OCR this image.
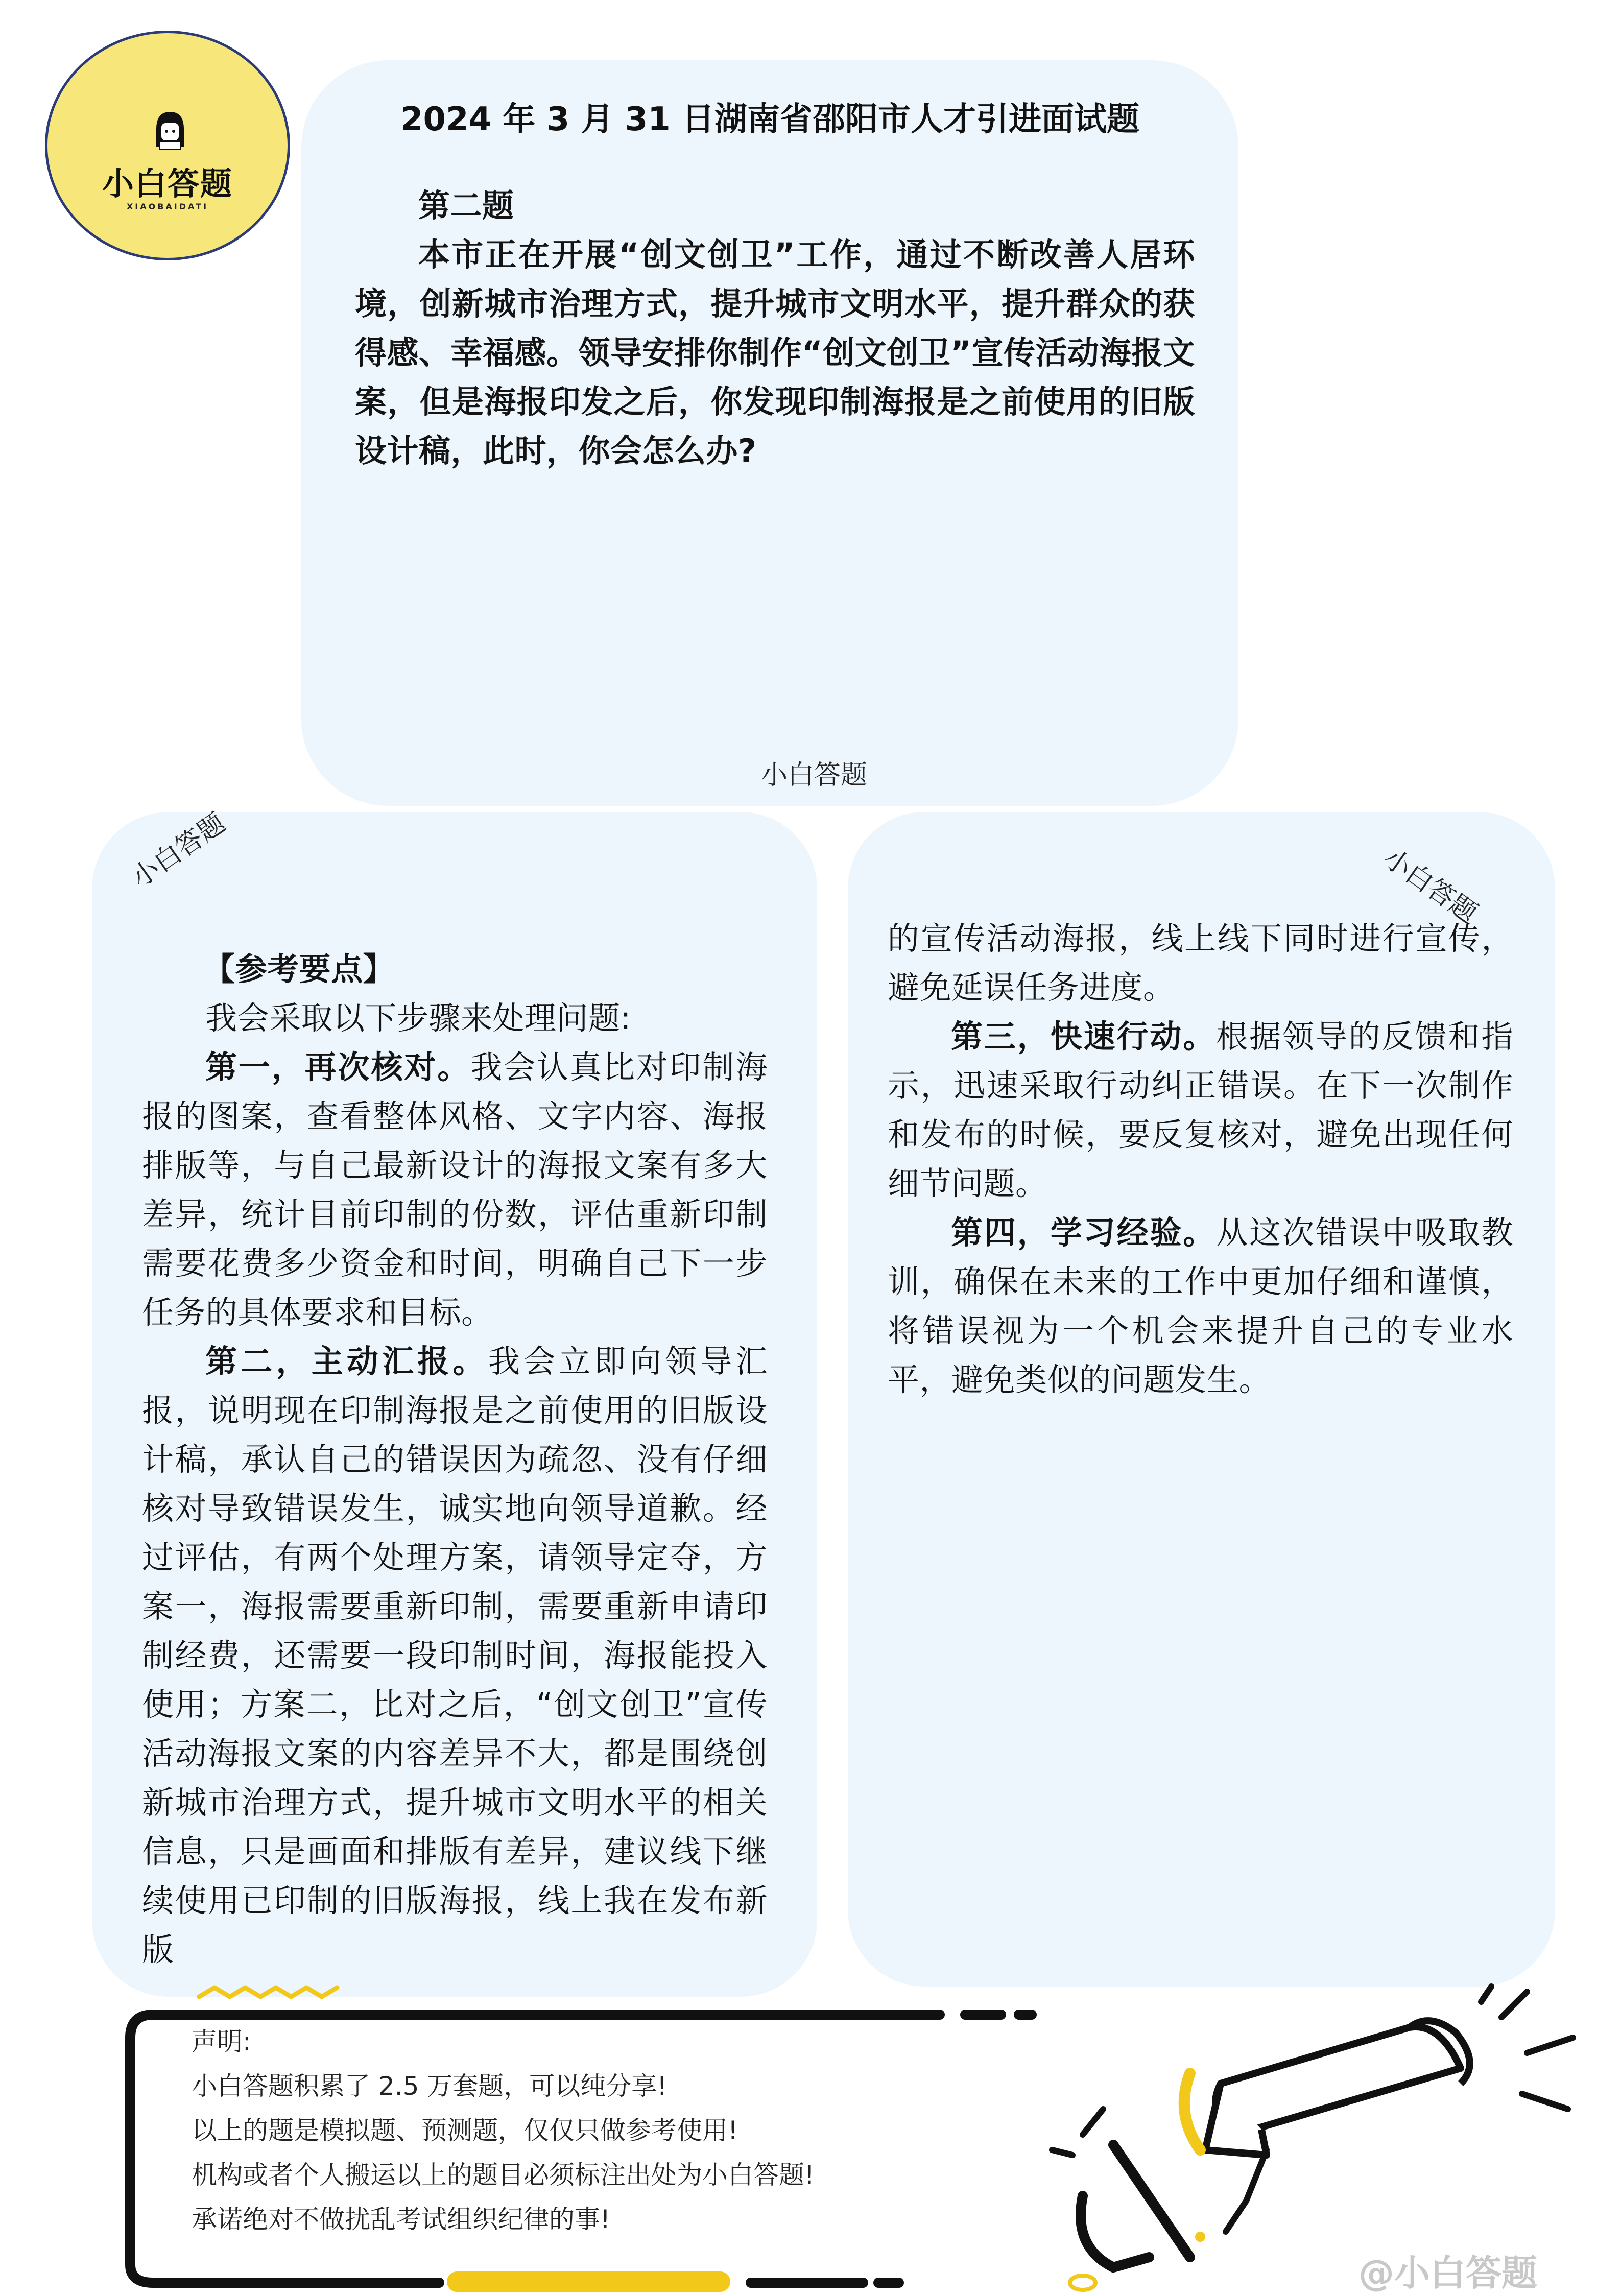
小白答题
XIAOBAIDATI
2024 年 3 月 31 日湖南省邵阳市人才引进面试题

第二题

本市正在开展“创文创卫”工作，通过不断改善人居环境，创新城市治理方式，提升城市文明水平，提升群众的获得感、幸福感。领导安排你制作“创文创卫”宣传活动海报文案，但是海报印发之后，你发现印制海报是之前使用的旧版设计稿，此时，你会怎么办?

小白答题
小白答题	小白答题

【参考要点】

我会采取以下步骤来处理问题:

第一，再次核对。我会认真比对印制海报的图案，查看整体风格、文字内容、海报排版等，与自己最新设计的海报文案有多大差异，统计目前印制的份数，评估重新印制需要花费多少资金和时间，明确自己下一步任务的具体要求和目标。

第二，主动汇报。我会立即向领导汇报，说明现在印制海报是之前使用的旧版设计稿，承认自己的错误因为疏忽、没有仔细核对导致错误发生，诚实地向领导道歉。经过评估，有两个处理方案，请领导定夺，方案一，海报需要重新印制，需要重新申请印制经费，还需要一段印制时间，海报能投入使用；方案二，比对之后，“创文创卫”宣传活动海报文案的内容差异不大，都是围绕创新城市治理方式，提升城市文明水平的相关信息，只是画面和排版有差异，建议线下继续使用已印制的旧版海报，线上我在发布新版

的宣传活动海报，线上线下同时进行宣传，避免延误任务进度。

第三，快速行动。根据领导的反馈和指示，迅速采取行动纠正错误。在下一次制作和发布的时候，要反复核对，避免出现任何细节问题。

第四，学习经验。从这次错误中吸取教训，确保在未来的工作中更加仔细和谨慎，将错误视为一个机会来提升自己的专业水平，避免类似的问题发生。

声明:
小白答题积累了 2.5 万套题，可以纯分享!
以上的题是模拟题、预测题，仅仅只做参考使用!
机构或者个人搬运以上的题目必须标注出处为小白答题!
承诺绝对不做扰乱考试组织纪律的事!
@小白答题
